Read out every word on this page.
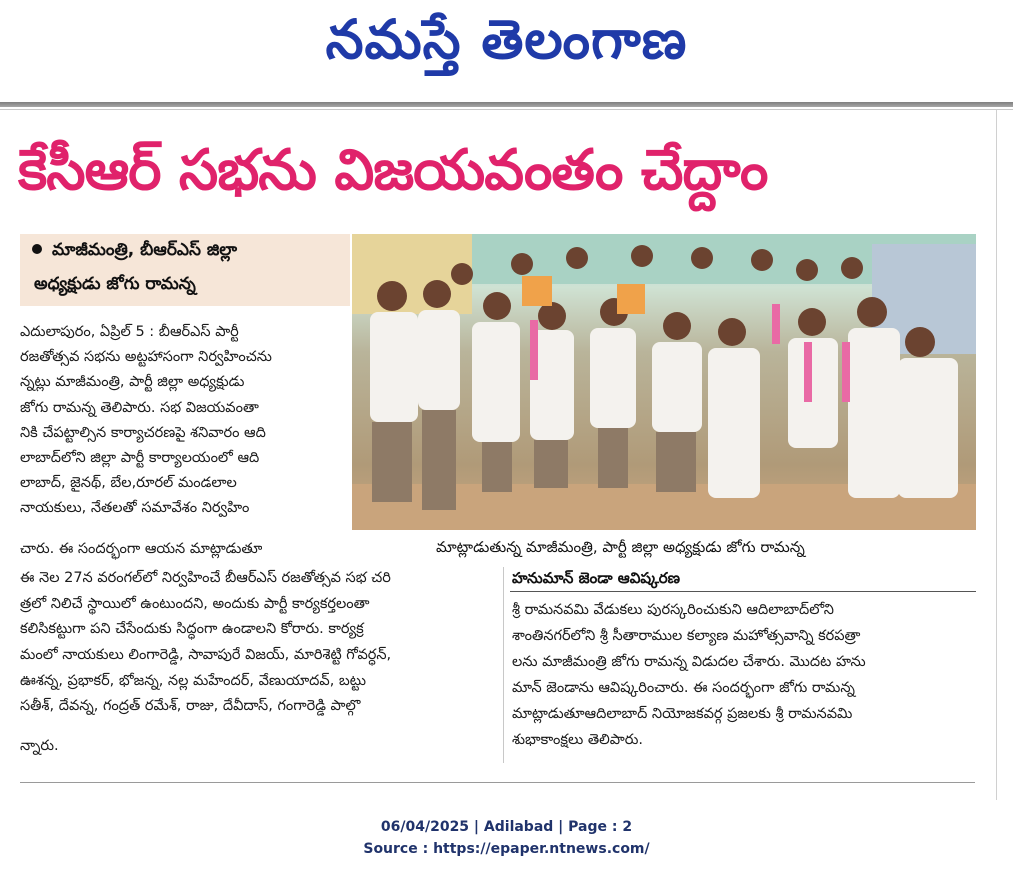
నమస్తే తెలంగాణ
కేసీఆర్ సభను విజయవంతం చేద్దాం
మాజీమంత్రి, బీఆర్ఎస్ జిల్లా
అధ్యక్షుడు జోగు రామన్న
మాట్లాడుతున్న మాజీమంత్రి, పార్టీ జిల్లా అధ్యక్షుడు జోగు రామన్న
ఎదులాపురం, ఏప్రిల్ 5 : బీఆర్ఎస్ పార్టీ
రజతోత్సవ సభను అట్టహాసంగా నిర్వహించను
న్నట్లు మాజీమంత్రి, పార్టీ జిల్లా అధ్యక్షుడు
జోగు రామన్న తెలిపారు. సభ విజయవంతా
నికి చేపట్టాల్సిన కార్యాచరణపై శనివారం ఆది
లాబాద్‌లోని జిల్లా పార్టీ కార్యాలయంలో ఆది
లాబాద్, జైనథ్, బేల,రూరల్ మండలాల
నాయకులు, నేతలతో సమావేశం నిర్వహిం
చారు. ఈ సందర్భంగా ఆయన మాట్లాడుతూ
ఈ నెల 27న వరంగల్‌లో నిర్వహించే బీఆర్ఎస్ రజతోత్సవ సభ చరి
త్రలో నిలిచే స్థాయిలో ఉంటుందని, అందుకు పార్టీ కార్యకర్తలంతా
కలిసికట్టుగా పని చేసేందుకు సిద్ధంగా ఉండాలని కోరారు. కార్యక్ర
మంలో నాయకులు లింగారెడ్డి, సావాపురే విజయ్, మారిశెట్టి గోవర్ధన్,
ఊశన్న, ప్రభాకర్, భోజన్న, నల్ల మహేందర్, వేణుయాదవ్, బట్టు
సతీశ్, దేవన్న, గంద్రత్ రమేశ్, రాజు, దేవీదాస్, గంగారెడ్డి పాల్గొ
న్నారు.
హనుమాన్ జెండా ఆవిష్కరణ
శ్రీ రామనవమి వేడుకలు పురస్కరించుకుని ఆదిలాబాద్‌లోని
శాంతినగర్‌లోని శ్రీ సీతారాముల కల్యాణ మహోత్సవాన్ని కరపత్రా
లను మాజీమంత్రి జోగు రామన్న విడుదల చేశారు. మొదట హను
మాన్ జెండాను ఆవిష్కరించారు. ఈ సందర్భంగా జోగు రామన్న
మాట్లాడుతూఆదిలాబాద్ నియోజకవర్గ ప్రజలకు శ్రీ రామనవమి
శుభాకాంక్షలు తెలిపారు.
06/04/2025 | Adilabad | Page : 2
Source : https://epaper.ntnews.com/
